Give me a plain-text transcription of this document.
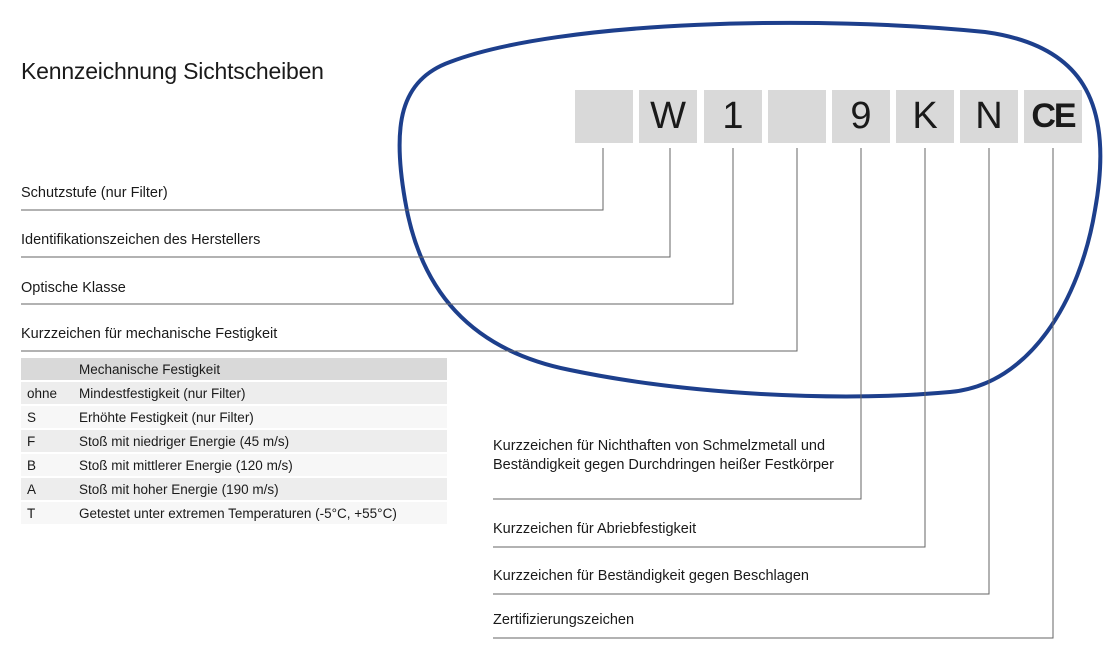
Kennzeichnung Sichtscheiben
W 1	9	K N CE
Schutzstufe (nur Filter)
Identifikationszeichen des Herstellers
Optische Klasse
Kurzzeichen für mechanische Festigkeit
Kurzzeichen für Nichthaften von Schmelzmetall und Beständigkeit gegen Durchdringen heißer Festkörper
Kurzzeichen für Abriebfestigkeit
Kurzzeichen für Beständigkeit gegen Beschlagen
Zertifizierungszeichen
	Mechanische Festigkeit
ohne	Mindestfestigkeit (nur Filter)
S	Erhöhte Festigkeit (nur Filter)
F	Stoß mit niedriger Energie (45 m/s)
B	Stoß mit mittlerer Energie (120 m/s)
A	Stoß mit hoher Energie (190 m/s)
T	Getestet unter extremen Temperaturen (-5°C, +55°C)
